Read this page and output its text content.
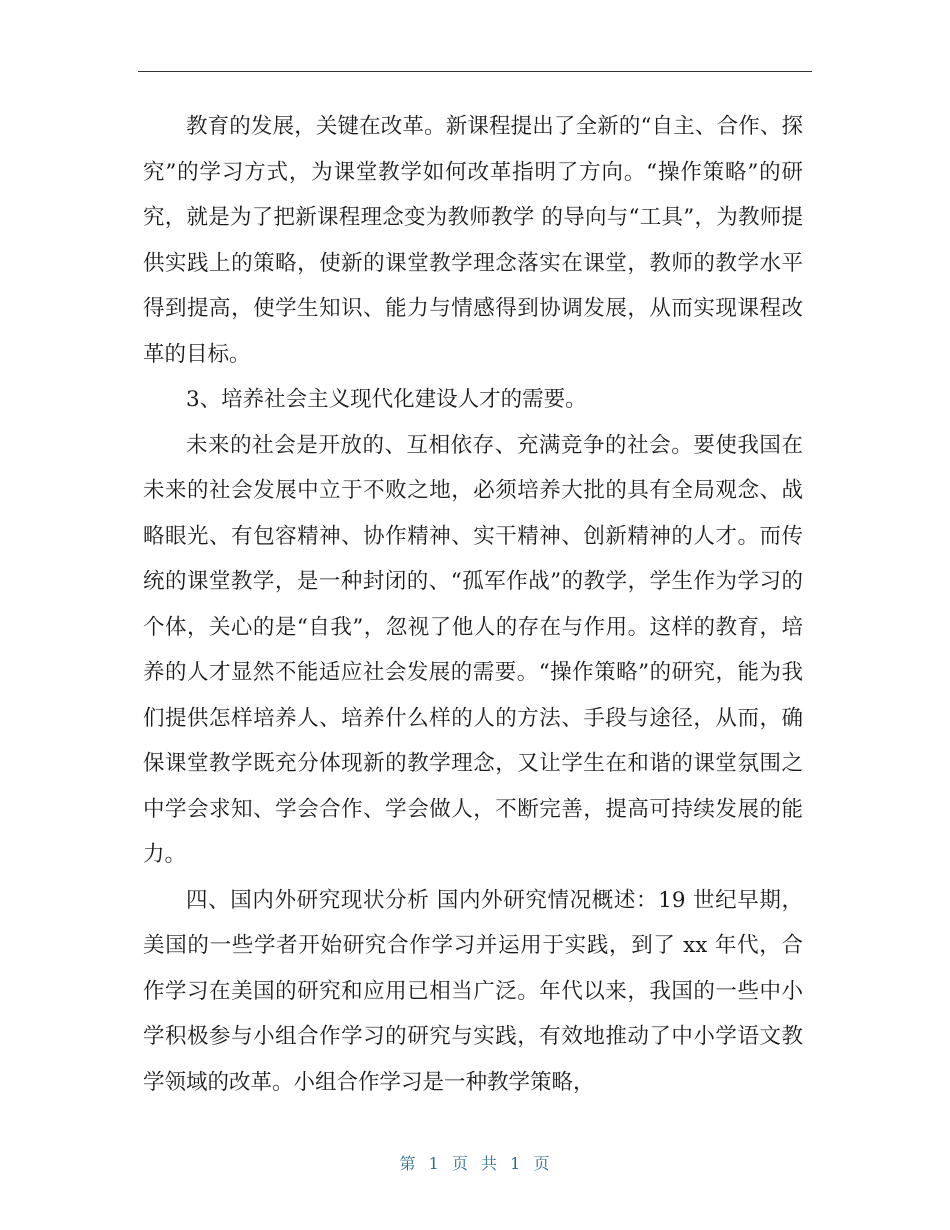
教育的发展，关键在改革。新课程提出了全新的“自主、合作、探究”的学习方式，为课堂教学如何改革指明了方向。“操作策略”的研究，就是为了把新课程理念变为教师教学 的导向与“工具”，为教师提供实践上的策略，使新的课堂教学理念落实在课堂，教师的教学水平得到提高，使学生知识、能力与情感得到协调发展，从而实现课程改革的目标。

3、培养社会主义现代化建设人才的需要。

未来的社会是开放的、互相依存、充满竞争的社会。要使我国在未来的社会发展中立于不败之地，必须培养大批的具有全局观念、战略眼光、有包容精神、协作精神、实干精神、创新精神的人才。而传统的课堂教学，是一种封闭的、“孤军作战”的教学，学生作为学习的个体，关心的是“自我”，忽视了他人的存在与作用。这样的教育，培养的人才显然不能适应社会发展的需要。“操作策略”的研究，能为我们提供怎样培养人、培养什么样的人的方法、手段与途径，从而，确保课堂教学既充分体现新的教学理念，又让学生在和谐的课堂氛围之中学会求知、学会合作、学会做人，不断完善，提高可持续发展的能力。

四、国内外研究现状分析 国内外研究情况概述：19 世纪早期，美国的一些学者开始研究合作学习并运用于实践，到了 xx 年代，合作学习在美国的研究和应用已相当广泛。年代以来，我国的一些中小学积极参与小组合作学习的研究与实践，有效地推动了中小学语文教学领域的改革。小组合作学习是一种教学策略，

第 1 页 共 1 页
